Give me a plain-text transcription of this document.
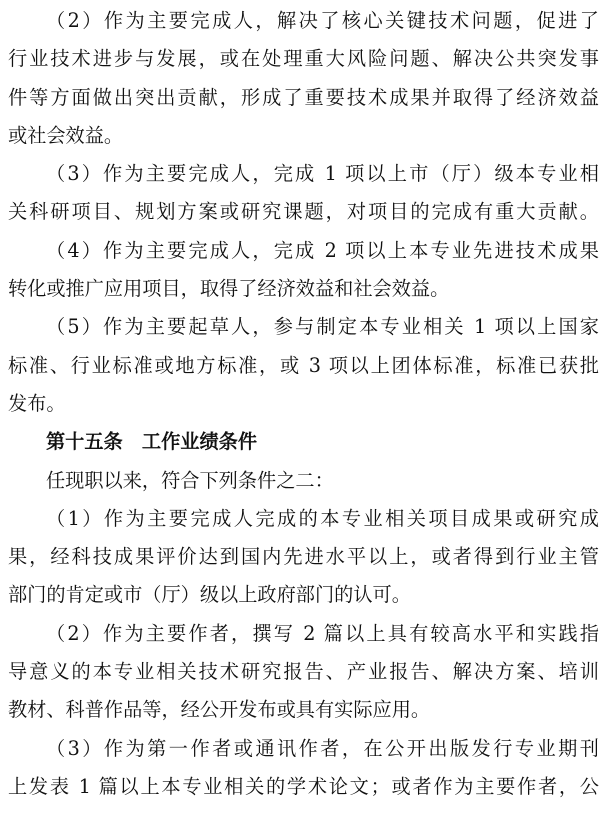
（2）作为主要完成人，解决了核心关键技术问题，促进了
行业技术进步与发展，或在处理重大风险问题、解决公共突发事
件等方面做出突出贡献，形成了重要技术成果并取得了经济效益
或社会效益。
（3）作为主要完成人，完成 1 项以上市（厅）级本专业相
关科研项目、规划方案或研究课题，对项目的完成有重大贡献。
（4）作为主要完成人，完成 2 项以上本专业先进技术成果
转化或推广应用项目，取得了经济效益和社会效益。
（5）作为主要起草人，参与制定本专业相关 1 项以上国家
标准、行业标准或地方标准，或 3 项以上团体标准，标准已获批
发布。
第十五条　工作业绩条件
任现职以来，符合下列条件之二：
（1）作为主要完成人完成的本专业相关项目成果或研究成
果，经科技成果评价达到国内先进水平以上，或者得到行业主管
部门的肯定或市（厅）级以上政府部门的认可。
（2）作为主要作者，撰写 2 篇以上具有较高水平和实践指
导意义的本专业相关技术研究报告、产业报告、解决方案、培训
教材、科普作品等，经公开发布或具有实际应用。
（3）作为第一作者或通讯作者，在公开出版发行专业期刊
上发表 1 篇以上本专业相关的学术论文；或者作为主要作者，公
